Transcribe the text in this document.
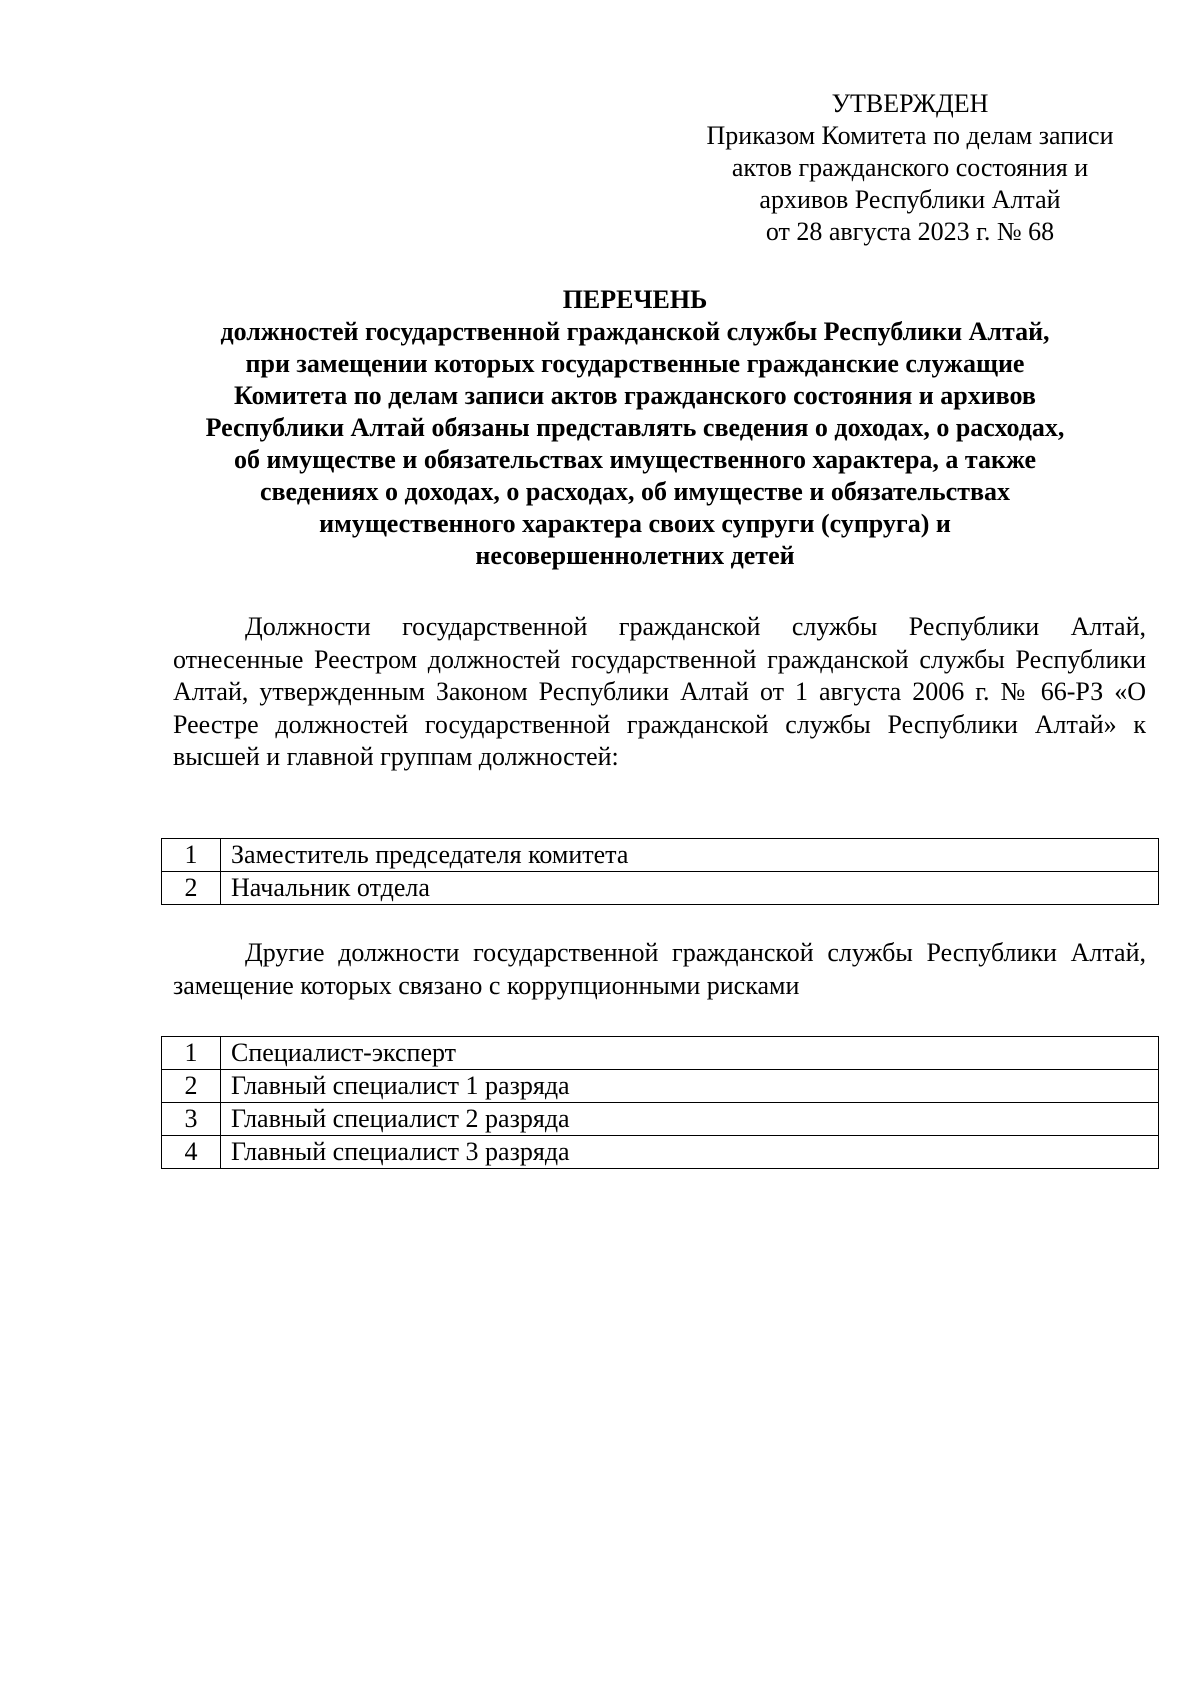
УТВЕРЖДЕН
Приказом Комитета по делам записи
актов гражданского состояния и
архивов Республики Алтай
от 28 августа 2023 г. № 68
ПЕРЕЧЕНЬ
должностей государственной гражданской службы Республики Алтай,
при замещении которых государственные гражданские служащие
Комитета по делам записи актов гражданского состояния и архивов
Республики Алтай обязаны представлять сведения о доходах, о расходах,
об имуществе и обязательствах имущественного характера, а также
сведениях о доходах, о расходах, об имуществе и обязательствах
имущественного характера своих супруги (супруга) и
несовершеннолетних детей

Должности государственной гражданской службы Республики Алтай, отнесенные Реестром должностей государственной гражданской службы Республики Алтай, утвержденным Законом Республики Алтай от 1 августа 2006 г. № 66-РЗ «О Реестре должностей государственной гражданской службы Республики Алтай» к высшей и главной группам должностей:

1	Заместитель председателя комитета
2	Начальник отдела

Другие должности государственной гражданской службы Республики Алтай, замещение которых связано с коррупционными рисками

1	Специалист-эксперт
2	Главный специалист 1 разряда
3	Главный специалист 2 разряда
4	Главный специалист 3 разряда
